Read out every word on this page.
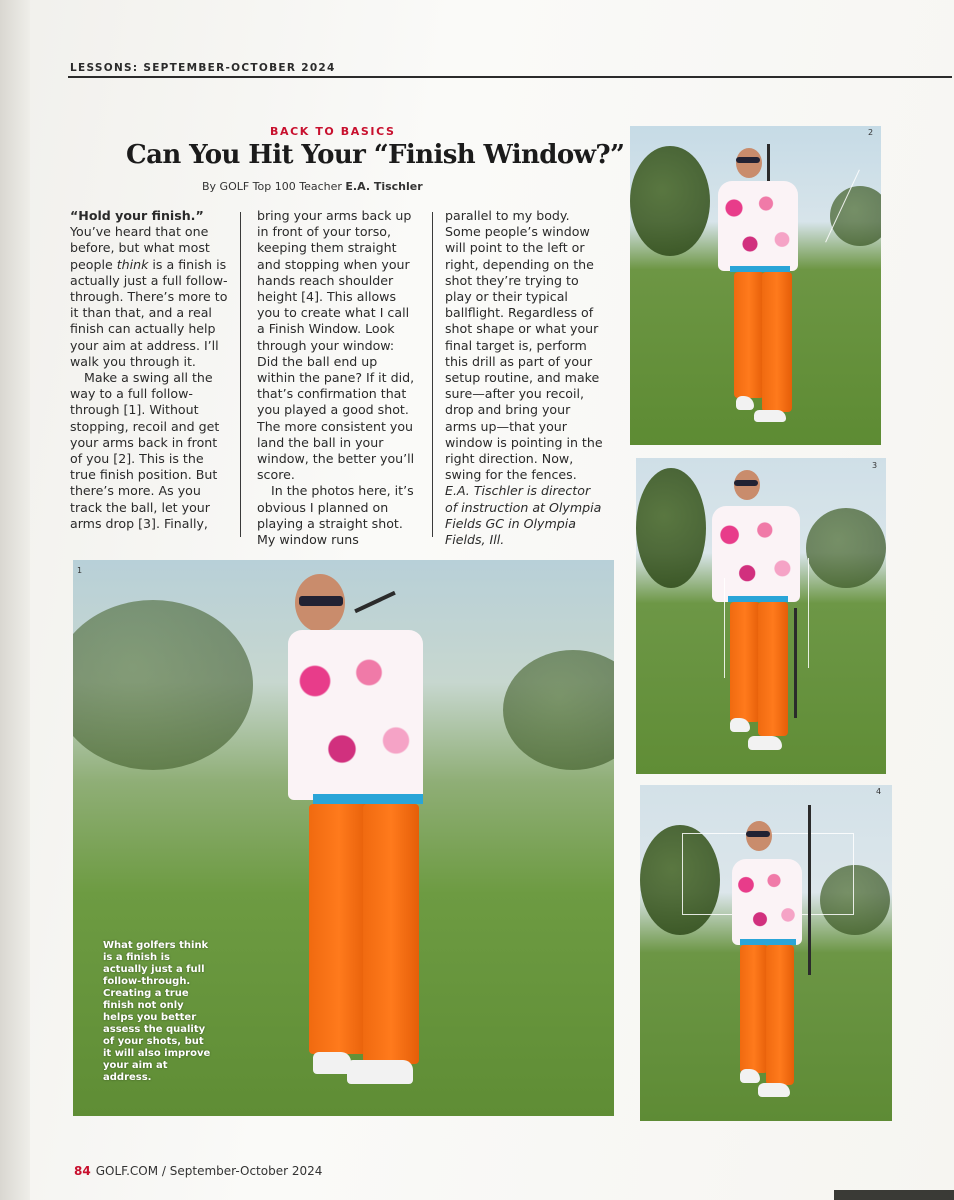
LESSONS: SEPTEMBER-OCTOBER 2024
BACK TO BASICS
Can You Hit Your “Finish Window?”
By GOLF Top 100 Teacher E.A. Tischler

“Hold your finish.” You’ve heard that one before, but what most people think is a finish is actually just a full follow-through. There’s more to it than that, and a real finish can actually help your aim at address. I’ll walk you through it.

Make a swing all the way to a full follow-through [1]. Without stopping, recoil and get your arms back in front of you [2]. This is the true finish position. But there’s more. As you track the ball, let your arms drop [3]. Finally,

bring your arms back up in front of your torso, keeping them straight and stopping when your hands reach shoulder height [4]. This allows you to create what I call a Finish Window. Look through your window: Did the ball end up within the pane? If it did, that’s confirmation that you played a good shot. The more consistent you land the ball in your window, the better you’ll score.

In the photos here, it’s obvious I planned on playing a straight shot. My window runs

parallel to my body. Some people’s window will point to the left or right, depending on the shot they’re trying to play or their typical ballflight. Regardless of shot shape or what your final target is, perform this drill as part of your setup routine, and make sure—after you recoil, drop and bring your arms up—that your window is pointing in the right direction. Now, swing for the fences.

E.A. Tischler is director of instruction at Olympia Fields GC in Olympia Fields, Ill.

1

What golfers think is a finish is actually just a full follow-through. Creating a true finish not only helps you better assess the quality of your shots, but it will also improve your aim at address.

2
3
4
84 GOLF.COM / September-October 2024
